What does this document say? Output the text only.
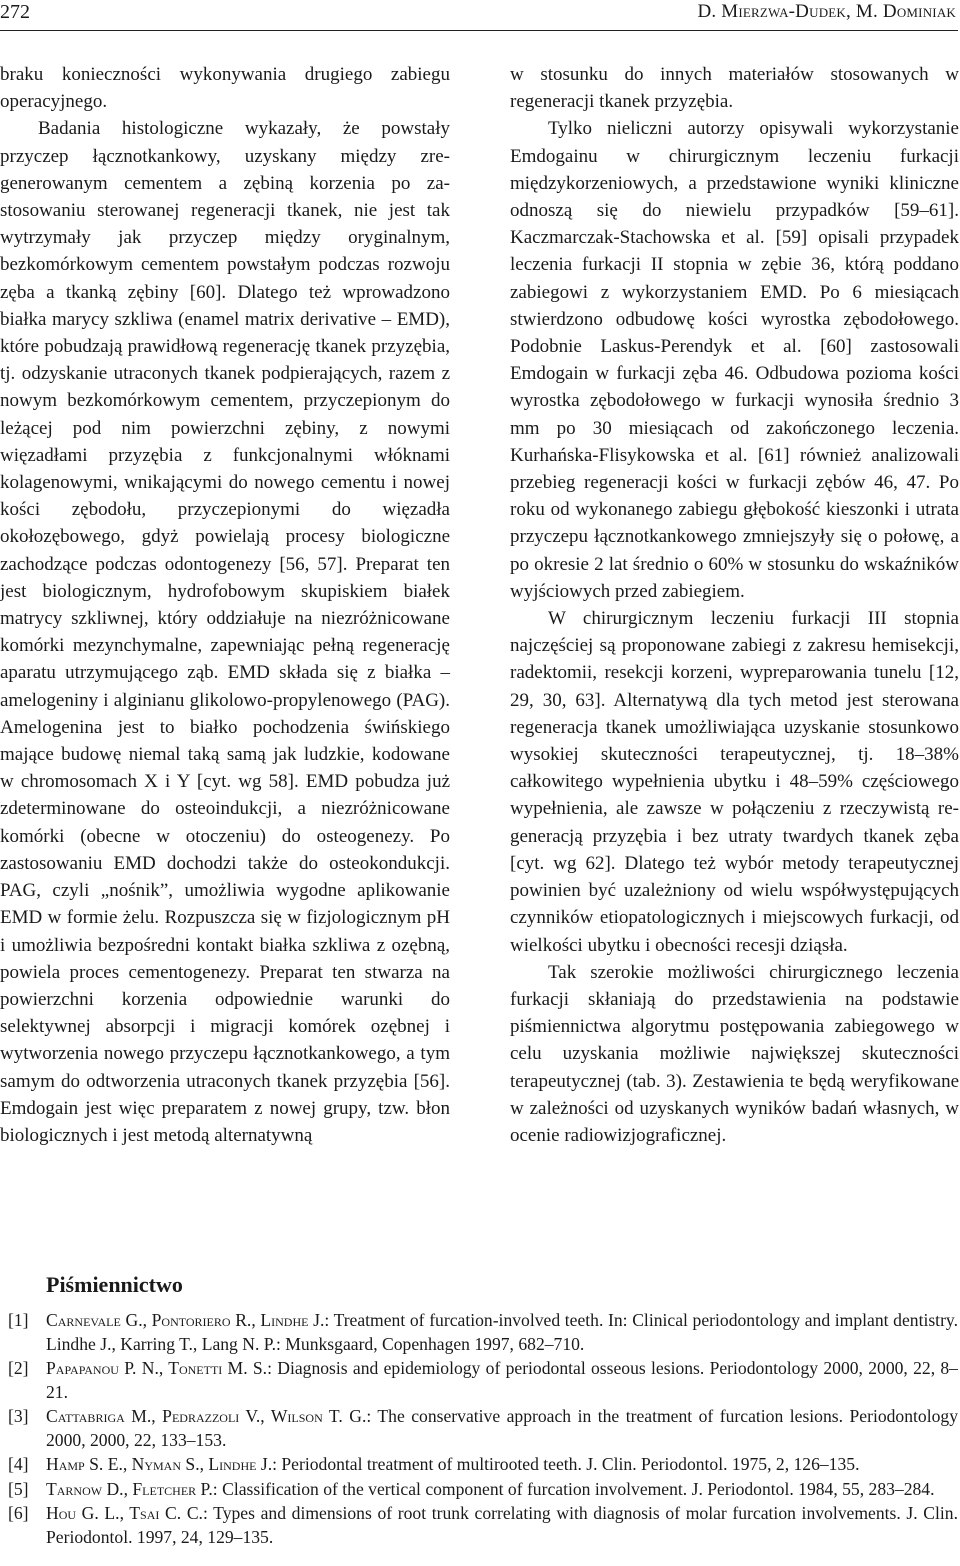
272	D. Mierzwa-Dudek, M. Dominiak

braku konieczności wykonywania drugiego zabiegu operacyjnego.

Badania histologiczne wykazały, że powstały przyczep łącznotkankowy, uzyskany między zregenerowanym cementem a zębiną korzenia po zastosowaniu sterowanej regeneracji tkanek, nie jest tak wytrzymały jak przyczep między oryginalnym, bezkomórkowym cementem powstałym podczas rozwoju zęba a tkanką zębiny [60]. Dlatego też wprowadzono białka marycy szkliwa (enamel matrix derivative – EMD), które pobudzają prawidłową regenerację tkanek przyzębia, tj. odzyskanie utraconych tkanek podpierających, razem z nowym bezkomórkowym cementem, przyczepionym do leżącej pod nim powierzchni zębiny, z nowymi więzadłami przyzębia z funkcjonalnymi włóknami kolagenowymi, wnikającymi do nowego cementu i nowej kości zębodołu, przyczepionymi do więzadła okołozębowego, gdyż powielają procesy biologiczne zachodzące podczas odontogenezy [56, 57]. Preparat ten jest biologicznym, hydrofobowym skupiskiem białek matrycy szkliwnej, który oddziałuje na niezróżnicowane komórki mezynchymalne, zapewniając pełną regenerację aparatu utrzymującego ząb. EMD składa się z białka – amelogeniny i alginianu glikolowo-propylenowego (PAG). Amelogenina jest to białko pochodzenia świńskiego mające budowę niemal taką samą jak ludzkie, kodowane w chromosomach X i Y [cyt. wg 58]. EMD pobudza już zdeterminowane do osteoindukcji, a niezróżnicowane komórki (obecne w otoczeniu) do osteogenezy. Po zastosowaniu EMD dochodzi także do osteokondukcji. PAG, czyli „nośnik”, umożliwia wygodne aplikowanie EMD w formie żelu. Rozpuszcza się w fizjologicznym pH i umożliwia bezpośredni kontakt białka szkliwa z ozębną, powiela proces cementogenezy. Preparat ten stwarza na powierzchni korzenia odpowiednie warunki do selektywnej absorpcji i migracji komórek ozębnej i wytworzenia nowego przyczepu łącznotkankowego, a tym samym do odtworzenia utraconych tkanek przyzębia [56]. Emdogain jest więc preparatem z nowej grupy, tzw. błon biologicznych i jest metodą alternatywną

w stosunku do innych materiałów stosowanych w regeneracji tkanek przyzębia.

Tylko nieliczni autorzy opisywali wykorzystanie Emdogainu w chirurgicznym leczeniu furkacji międzykorzeniowych, a przedstawione wyniki kliniczne odnoszą się do niewielu przypadków [59–61]. Kaczmarczak-Stachowska et al. [59] opisali przypadek leczenia furkacji II stopnia w zębie 36, którą poddano zabiegowi z wykorzystaniem EMD. Po 6 miesiącach stwierdzono odbudowę kości wyrostka zębodołowego. Podobnie Laskus-Perendyk et al. [60] zastosowali Emdogain w furkacji zęba 46. Odbudowa pozioma kości wyrostka zębodołowego w furkacji wynosiła średnio 3 mm po 30 miesiącach od zakończonego leczenia. Kurhańska-Flisykowska et al. [61] również analizowali przebieg regeneracji kości w furkacji zębów 46, 47. Po roku od wykonanego zabiegu głębokość kieszonki i utrata przyczepu łącznotkankowego zmniejszyły się o połowę, a po okresie 2 lat średnio o 60% w stosunku do wskaźników wyjściowych przed zabiegiem.

W chirurgicznym leczeniu furkacji III stopnia najczęściej są proponowane zabiegi z zakresu hemisekcji, radektomii, resekcji korzeni, wypreparowania tunelu [12, 29, 30, 63]. Alternatywą dla tych metod jest sterowana regeneracja tkanek umożliwiająca uzyskanie stosunkowo wysokiej skuteczności terapeutycznej, tj. 18–38% całkowitego wypełnienia ubytku i 48–59% częściowego wypełnienia, ale zawsze w połączeniu z rzeczywistą regeneracją przyzębia i bez utraty twardych tkanek zęba [cyt. wg 62]. Dlatego też wybór metody terapeutycznej powinien być uzależniony od wielu współwystępujących czynników etiopatologicznych i miejscowych furkacji, od wielkości ubytku i obecności recesji dziąsła.

Tak szerokie możliwości chirurgicznego leczenia furkacji skłaniają do przedstawienia na podstawie piśmiennictwa algorytmu postępowania zabiegowego w celu uzyskania możliwie największej skuteczności terapeutycznej (tab. 3). Zestawienia te będą weryfikowane w zależności od uzyskanych wyników badań własnych, w ocenie radiowizjograficznej.

Piśmiennictwo
[1] Carnevale G., Pontoriero R., Lindhe J.: Treatment of furcation-involved teeth. In: Clinical periodontology and implant dentistry. Lindhe J., Karring T., Lang N. P.: Munksgaard, Copenhagen 1997, 682–710.
[2] Papapanou P. N., Tonetti M. S.: Diagnosis and epidemiology of periodontal osseous lesions. Periodontology 2000, 2000, 22, 8–21.
[3] Cattabriga M., Pedrazzoli V., Wilson T. G.: The conservative approach in the treatment of furcation lesions. Periodontology 2000, 2000, 22, 133–153.
[4] Hamp S. E., Nyman S., Lindhe J.: Periodontal treatment of multirooted teeth. J. Clin. Periodontol. 1975, 2, 126–135.
[5] Tarnow D., Fletcher P.: Classification of the vertical component of furcation involvement. J. Periodontol. 1984, 55, 283–284.
[6] Hou G. L., Tsai C. C.: Types and dimensions of root trunk correlating with diagnosis of molar furcation involvements. J. Clin. Periodontol. 1997, 24, 129–135.
